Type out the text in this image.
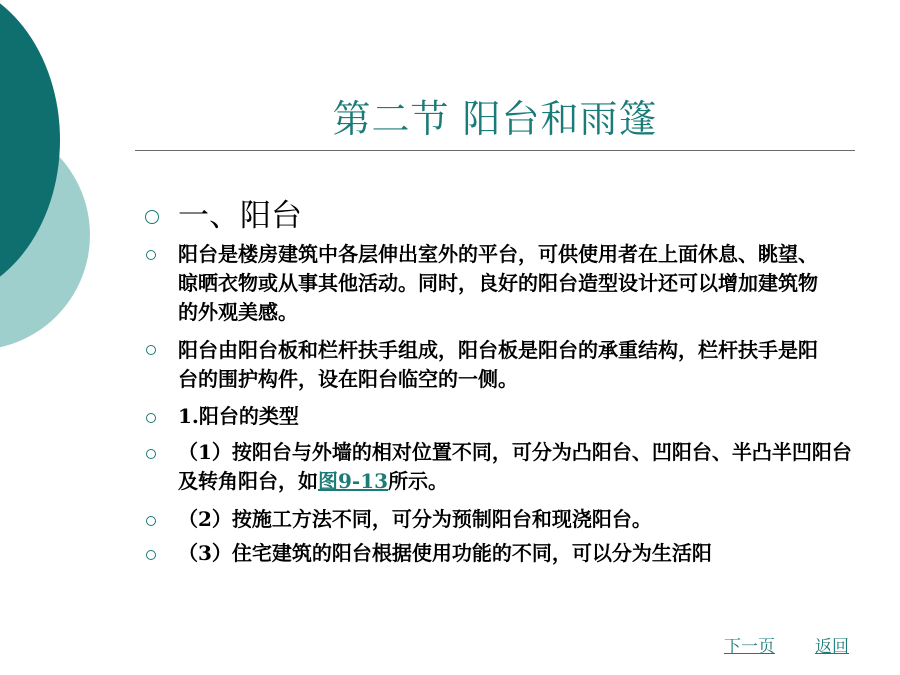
第二节 阳台和雨篷
一、阳台
阳台是楼房建筑中各层伸出室外的平台，可供使用者在上面休息、眺望、晾晒衣物或从事其他活动。同时，良好的阳台造型设计还可以增加建筑物的外观美感。
阳台由阳台板和栏杆扶手组成，阳台板是阳台的承重结构，栏杆扶手是阳台的围护构件，设在阳台临空的一侧。
1.阳台的类型
（1）按阳台与外墙的相对位置不同，可分为凸阳台、凹阳台、半凸半凹阳台及转角阳台，如图9-13所示。
（2）按施工方法不同，可分为预制阳台和现浇阳台。
（3）住宅建筑的阳台根据使用功能的不同，可以分为生活阳
下一页 返回
